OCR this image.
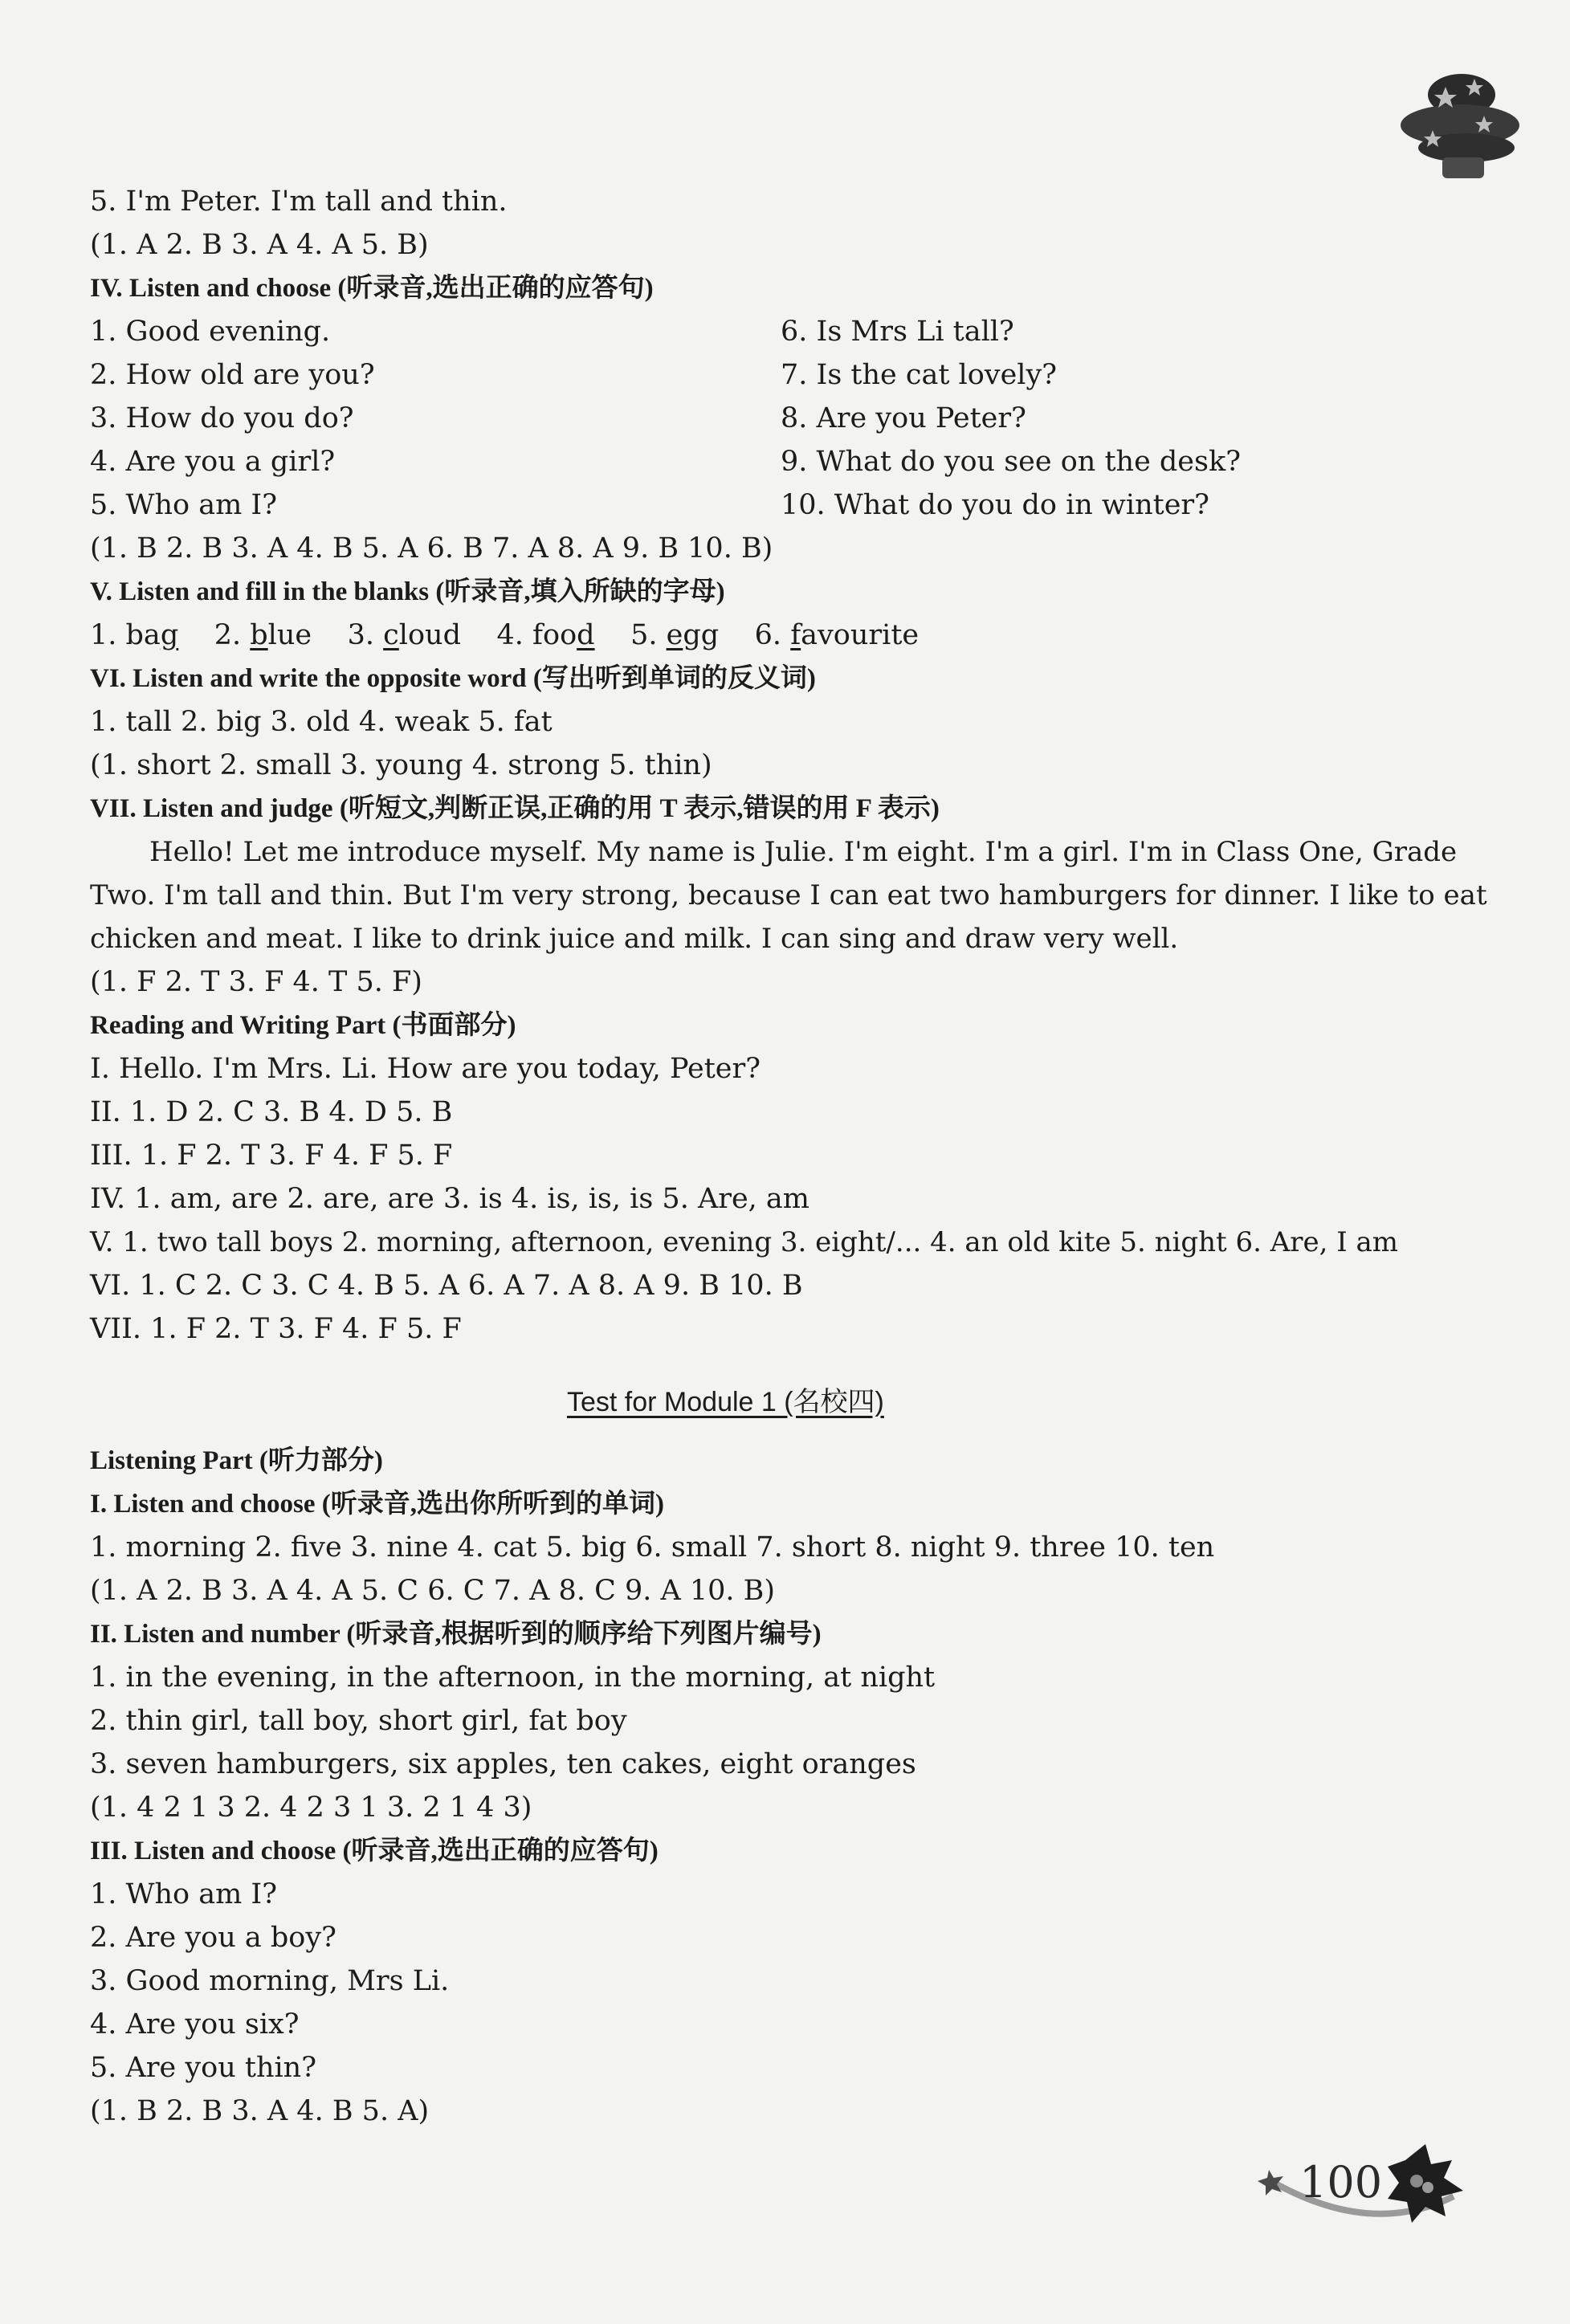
5. I'm Peter. I'm tall and thin.
(1. A 2. B 3. A 4. A 5. B)
IV. Listen and choose (听录音,选出正确的应答句)
1. Good evening.	6. Is Mrs Li tall?
2. How old are you?	7. Is the cat lovely?
3. How do you do?	8. Are you Peter?
4. Are you a girl?	9. What do you see on the desk?
5. Who am I?	10. What do you do in winter?
(1. B 2. B 3. A 4. B 5. A 6. B 7. A 8. A 9. B 10. B)
V. Listen and fill in the blanks (听录音,填入所缺的字母)
1. bag 2. blue 3. cloud 4. food 5. egg 6. favourite
VI. Listen and write the opposite word (写出听到单词的反义词)
1. tall 2. big 3. old 4. weak 5. fat
(1. short 2. small 3. young 4. strong 5. thin)
VII. Listen and judge (听短文,判断正误,正确的用 T 表示,错误的用 F 表示)
Hello! Let me introduce myself. My name is Julie. I'm eight. I'm a girl. I'm in Class One, Grade
Two. I'm tall and thin. But I'm very strong, because I can eat two hamburgers for dinner. I like to eat
chicken and meat. I like to drink juice and milk. I can sing and draw very well.
(1. F 2. T 3. F 4. T 5. F)
Reading and Writing Part (书面部分)
I. Hello. I'm Mrs. Li. How are you today, Peter?
II. 1. D 2. C 3. B 4. D 5. B
III. 1. F 2. T 3. F 4. F 5. F
IV. 1. am, are 2. are, are 3. is 4. is, is, is 5. Are, am
V. 1. two tall boys 2. morning, afternoon, evening 3. eight/... 4. an old kite 5. night 6. Are, I am
VI. 1. C 2. C 3. C 4. B 5. A 6. A 7. A 8. A 9. B 10. B
VII. 1. F 2. T 3. F 4. F 5. F
Test for Module 1 (名校四)
Listening Part (听力部分)
I. Listen and choose (听录音,选出你所听到的单词)
1. morning 2. five 3. nine 4. cat 5. big 6. small 7. short 8. night 9. three 10. ten
(1. A 2. B 3. A 4. A 5. C 6. C 7. A 8. C 9. A 10. B)
II. Listen and number (听录音,根据听到的顺序给下列图片编号)
1. in the evening, in the afternoon, in the morning, at night
2. thin girl, tall boy, short girl, fat boy
3. seven hamburgers, six apples, ten cakes, eight oranges
(1. 4 2 1 3 2. 4 2 3 1 3. 2 1 4 3)
III. Listen and choose (听录音,选出正确的应答句)
1. Who am I?
2. Are you a boy?
3. Good morning, Mrs Li.
4. Are you six?
5. Are you thin?
(1. B 2. B 3. A 4. B 5. A)
100
